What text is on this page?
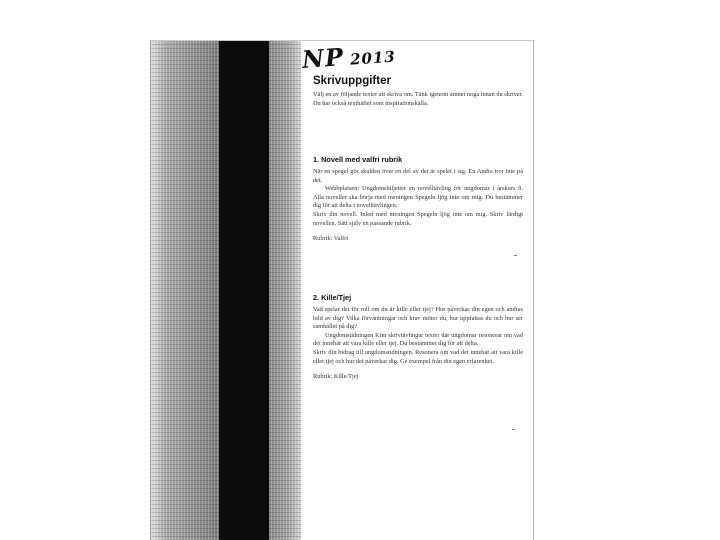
NP 2013
Skrivuppgifter

Välj en av följande texter att skriva om. Tänk igenom ämnet noga innan du skriver. Du har också texthäftet som inspirationskälla.

1. Novell med valfri rubrik

När en spegel gör skulden över en del av det är spelet i sig. En Andra tror inte på det.

Webbplatsen: Ungdomsbiljetter en novelltävling för ungdomar i årskurs 9. Alla noveller ska börja med meningen Spegeln ljög inte om mig. Du bestämmer dig för att delta i novelltävlingen.

Skriv din novell. Inled med meningen Spegeln ljög inte om mig. Skriv färdigt novellen. Sätt själv en passande rubrik.

Rubrik: Valfri

2. Kille/Tjej

Vad spelar det för roll om du är kille eller tjej? Hur påverkas din egen och andras bild av dig? Vilka förväntningar och krav möter du, hur uppfattas du och hur ser samhället på dig?

Ungdomstidningen Kim skrivtävlingar texter där ungdomar resonerar om vad det innebär att vara kille eller tjej. Du bestämmer dig för att delta.

Skriv din bidrag till ungdomstidningen. Resonera om vad det innebär att vara kille eller tjej och hur det påverkar dig. Ge exempel från din egen erfarenhet.

Rubrik: Kille/Tjej
